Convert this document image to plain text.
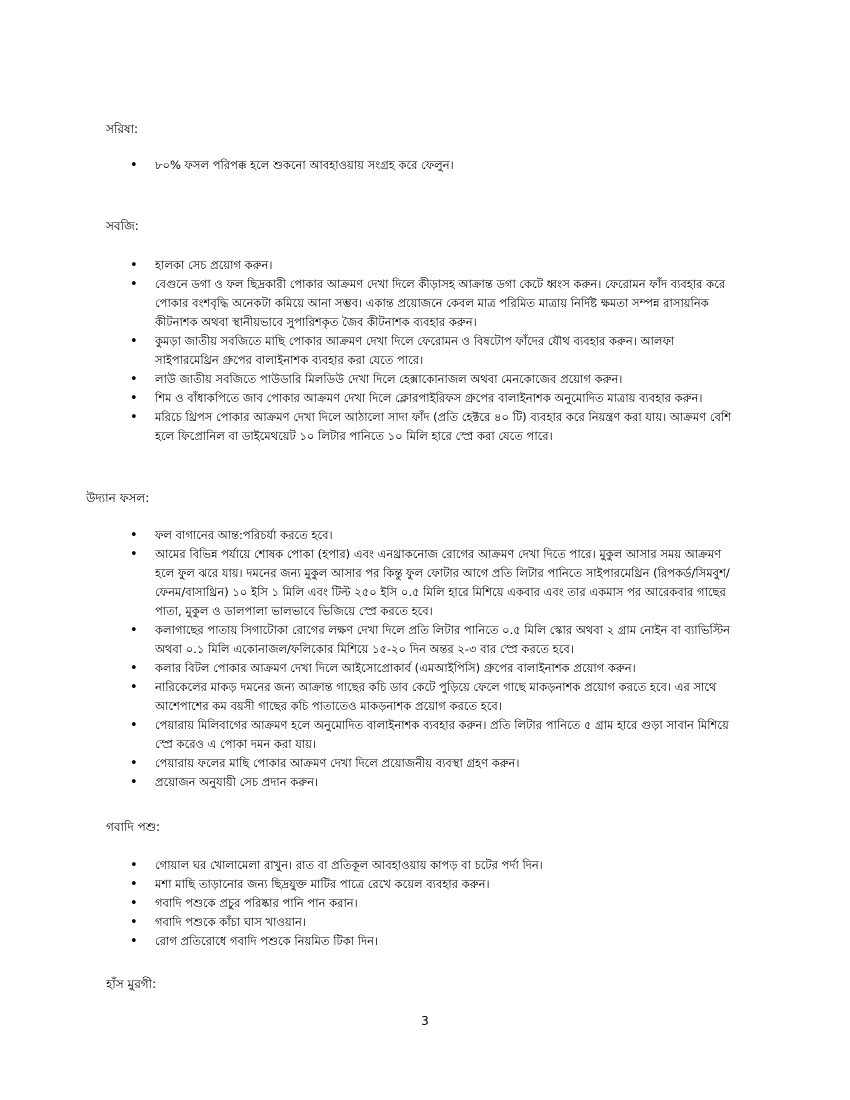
সরিষা:
• ৮০% ফসল পরিপক্ক হলে শুকনো আবহাওয়ায় সংগ্রহ করে ফেলুন।
সবজি:
• হালকা সেচ প্রয়োগ করুন।
• বেগুনে ডগা ও ফল ছিদ্রকারী পোকার আক্রমণ দেখা দিলে কীড়াসহ আক্রান্ত ডগা কেটে ধ্বংস করুন। ফেরোমন ফাঁদ ব্যবহার করে পোকার বংশবৃদ্ধি অনেকটা কমিয়ে আনা সম্ভব। একান্ত প্রয়োজনে কেবল মাত্র পরিমিত মাত্রায় নির্দিষ্ট ক্ষমতা সম্পন্ন রাসায়নিক কীটনাশক অথবা স্থানীয়ভাবে সুপারিশকৃত জৈব কীটনাশক ব্যবহার করুন।
• কুমড়া জাতীয় সবজিতে মাছি পোকার আক্রমণ দেখা দিলে ফেরোমন ও বিষটোপ ফাঁদের যৌথ ব্যবহার করুন। আলফা সাইপারমেথ্রিন গ্রুপের বালাইনাশক ব্যবহার করা যেতে পারে।
• লাউ জাতীয় সবজিতে পাউডারি মিলডিউ দেখা দিলে হেক্সাকোনাজল অথবা মেনকোজেব প্রয়োগ করুন।
• শিম ও বাঁধাকপিতে জাব পোকার আক্রমণ দেখা দিলে ক্লোরপাইরিফস গ্রুপের বালাইনাশক অনুমোদিত মাত্রায় ব্যবহার করুন।
• মরিচে থ্রিপস পোকার আক্রমণ দেখা দিলে আঠালো সাদা ফাঁদ (প্রতি হেক্টরে ৪০ টি) ব্যবহার করে নিয়ন্ত্রণ করা যায়। আক্রমণ বেশি হলে ফিপ্রোনিল বা ডাইমেথয়েট ১০ লিটার পানিতে ১০ মিলি হারে স্প্রে করা যেতে পারে।
উদ্যান ফসল:
• ফল বাগানের আন্ত:পরিচর্যা করতে হবে।
• আমের বিভিন্ন পর্যায়ে শোষক পোকা (হপার) এবং এনথ্রাকনোজ রোগের আক্রমণ দেখা দিতে পারে। মুকুল আসার সময় আক্রমণ হলে ফুল ঝরে যায়। দমনের জন্য মুকুল আসার পর কিন্তু ফুল ফোটার আগে প্রতি লিটার পানিতে সাইপারমেথ্রিন (রিপকর্ড/সিমবুশ/ফেনম/বাসাথ্রিন) ১০ ইসি ১ মিলি এবং টিল্ট ২৫০ ইসি ০.৫ মিলি হারে মিশিয়ে একবার এবং তার একমাস পর আরেকবার গাছের পাতা, মুকুল ও ডালপালা ভালভাবে ভিজিয়ে স্প্রে করতে হবে।
• কলাগাছের পাতায় সিগাটোকা রোগের লক্ষণ দেখা দিলে প্রতি লিটার পানিতে ০.৫ মিলি স্কোর অথবা ২ গ্রাম নোইন বা ব্যাভিস্টিন অথবা ০.১ মিলি একোনাজল/ফলিকোর মিশিয়ে ১৫-২০ দিন অন্তর ২-৩ বার স্প্রে করতে হবে।
• কলার বিটল পোকার আক্রমণ দেখা দিলে আইসোপ্রোকার্ব (এমআইপিসি) গ্রুপের বালাইনাশক প্রয়োগ করুন।
• নারিকেলের মাকড় দমনের জন্য আক্রান্ত গাছের কচি ডাব কেটে পুড়িয়ে ফেলে গাছে মাকড়নাশক প্রয়োগ করতে হবে। এর সাথে আশেপাশের কম বয়সী গাছের কচি পাতাতেও মাকড়নাশক প্রয়োগ করতে হবে।
• পেয়ারায় মিলিবাগের আক্রমণ হলে অনুমোদিত বালাইনাশক ব্যবহার করুন। প্রতি লিটার পানিতে ৫ গ্রাম হারে গুড়া সাবান মিশিয়ে স্প্রে করেও এ পোকা দমন করা যায়।
• পেয়ারায় ফলের মাছি পোকার আক্রমণ দেখা দিলে প্রয়োজনীয় ব্যবস্থা গ্রহণ করুন।
• প্রয়োজন অনুযায়ী সেচ প্রদান করুন।
গবাদি পশু:
• গোয়াল ঘর খোলামেলা রাখুন। রাত বা প্রতিকূল আবহাওয়ায় কাপড় বা চটের পর্দা দিন।
• মশা মাছি তাড়ানোর জন্য ছিদ্রযুক্ত মাটির পাত্রে রেখে কয়েল ব্যবহার করুন।
• গবাদি পশুকে প্রচুর পরিষ্কার পানি পান করান।
• গবাদি পশুকে কাঁচা ঘাস খাওয়ান।
• রোগ প্রতিরোধে গবাদি পশুকে নিয়মিত টিকা দিন।
হাঁস মুরগী:
3
